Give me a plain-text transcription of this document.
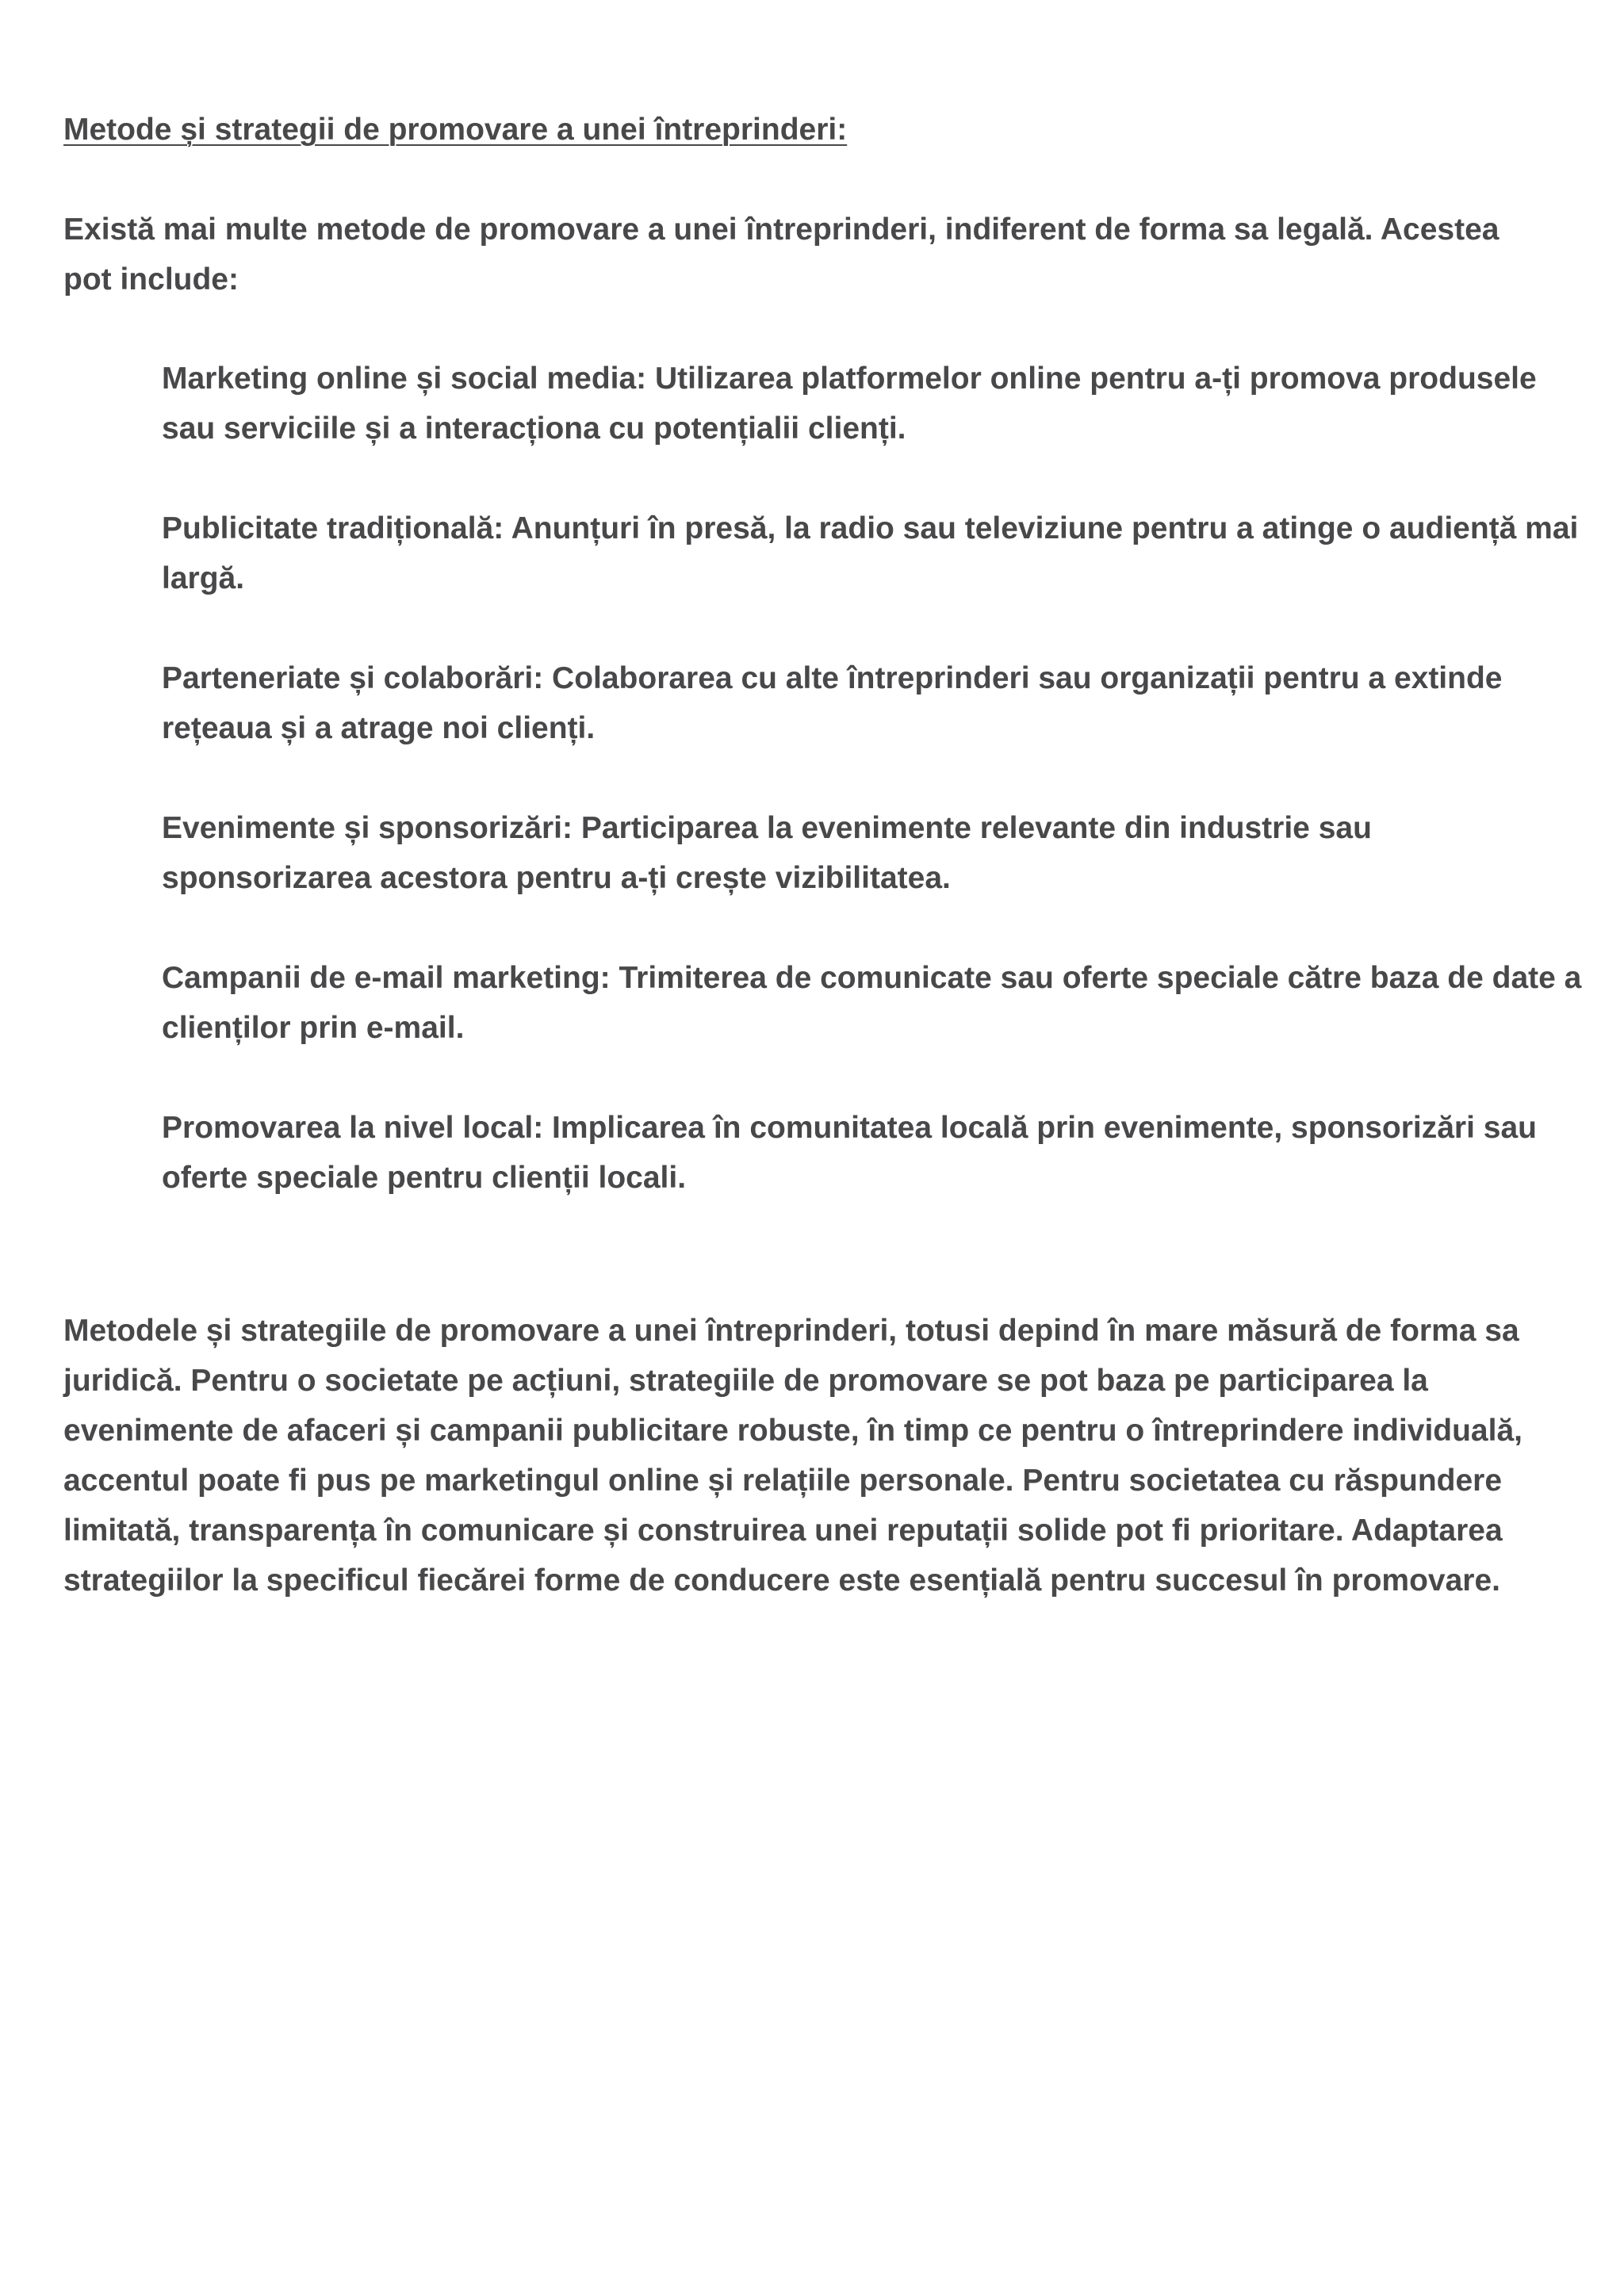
Metode și strategii de promovare a unei întreprinderi:

Există mai multe metode de promovare a unei întreprinderi, indiferent de forma sa legală. Acestea pot include:

Marketing online și social media: Utilizarea platformelor online pentru a-ți promova produsele sau serviciile și a interacționa cu potențialii clienți.
Publicitate tradițională: Anunțuri în presă, la radio sau televiziune pentru a atinge o audiență mai largă.
Parteneriate și colaborări: Colaborarea cu alte întreprinderi sau organizații pentru a extinde rețeaua și a atrage noi clienți.
Evenimente și sponsorizări: Participarea la evenimente relevante din industrie sau sponsorizarea acestora pentru a-ți crește vizibilitatea.
Campanii de e-mail marketing: Trimiterea de comunicate sau oferte speciale către baza de date a clienților prin e-mail.
Promovarea la nivel local: Implicarea în comunitatea locală prin evenimente, sponsorizări sau oferte speciale pentru clienții locali.

Metodele și strategiile de promovare a unei întreprinderi, totusi depind în mare măsură de forma sa juridică. Pentru o societate pe acțiuni, strategiile de promovare se pot baza pe participarea la evenimente de afaceri și campanii publicitare robuste, în timp ce pentru o întreprindere individuală, accentul poate fi pus pe marketingul online și relațiile personale. Pentru societatea cu răspundere limitată, transparența în comunicare și construirea unei reputații solide pot fi prioritare. Adaptarea strategiilor la specificul fiecărei forme de conducere este esențială pentru succesul în promovare.
